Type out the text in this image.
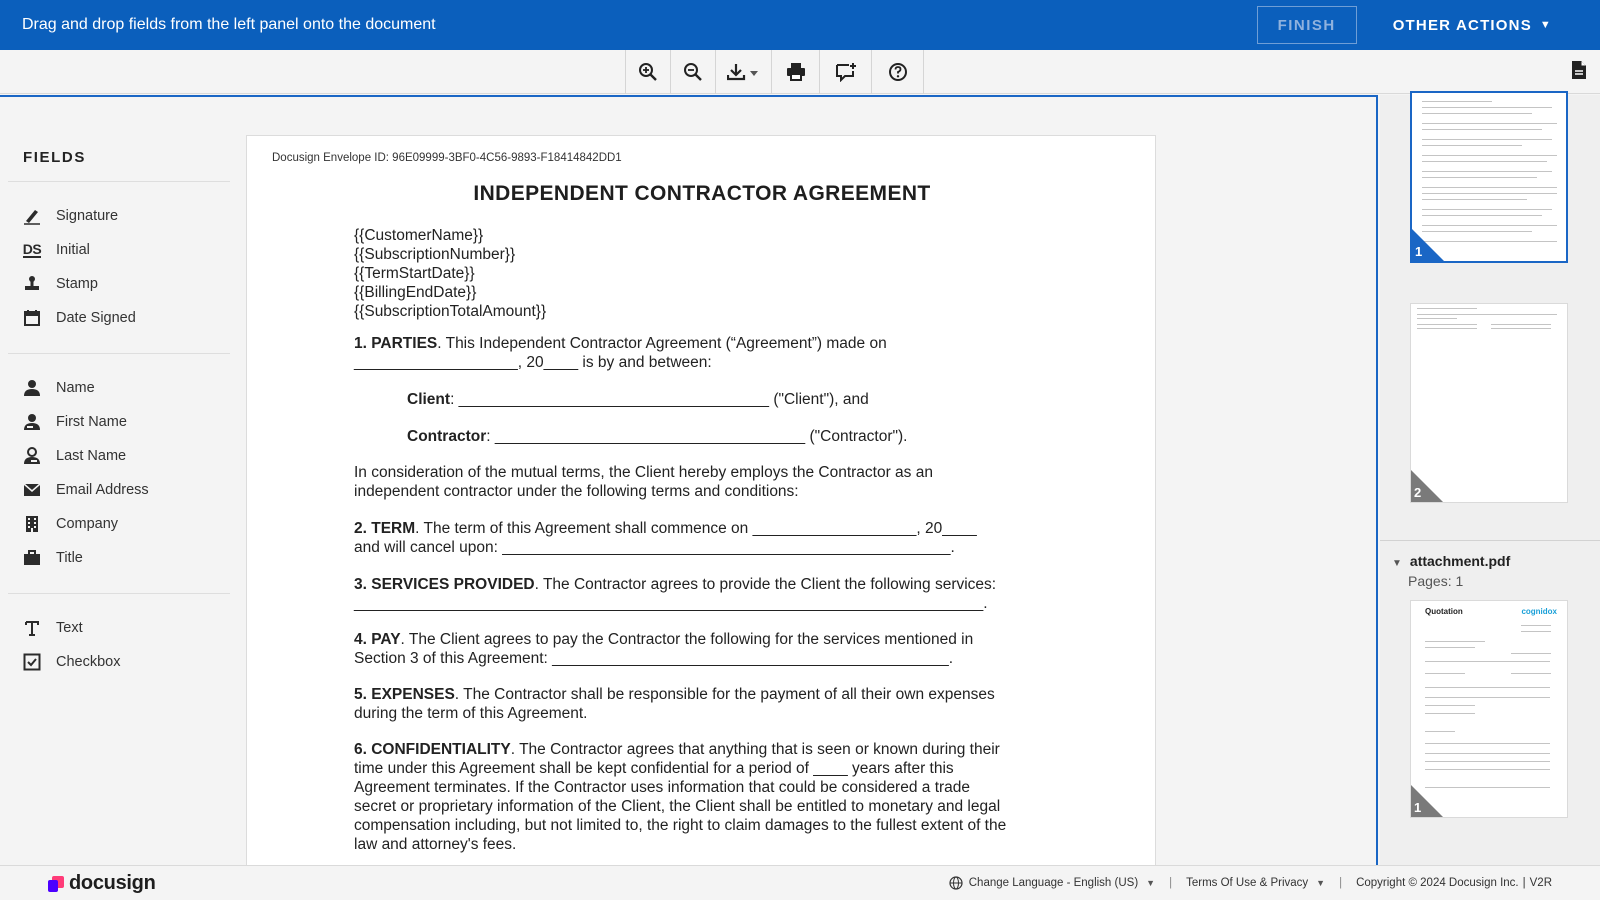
Drag and drop fields from the left panel onto the document	FINISH	OTHER ACTIONS ▼
FIELDS
Signature
DS Initial
Stamp
Date Signed
Name
First Name
Last Name
Email Address
Company
Title
Text
Checkbox
Docusign Envelope ID: 96E09999-3BF0-4C56-9893-F18414842DD1
INDEPENDENT CONTRACTOR AGREEMENT
{{CustomerName}}
{{SubscriptionNumber}}
{{TermStartDate}}
{{BillingEndDate}}
{{SubscriptionTotalAmount}}
1. PARTIES. This Independent Contractor Agreement (“Agreement”) made on
___________________, 20____ is by and between:
Client: ____________________________________ ("Client"), and
Contractor: ____________________________________ ("Contractor").
In consideration of the mutual terms, the Client hereby employs the Contractor as an
independent contractor under the following terms and conditions:
2. TERM. The term of this Agreement shall commence on ___________________, 20____
and will cancel upon: ____________________________________________________.
3. SERVICES PROVIDED. The Contractor agrees to provide the Client the following services:
_________________________________________________________________________.
4. PAY. The Client agrees to pay the Contractor the following for the services mentioned in
Section 3 of this Agreement: ______________________________________________.
5. EXPENSES. The Contractor shall be responsible for the payment of all their own expenses
during the term of this Agreement.
6. CONFIDENTIALITY. The Contractor agrees that anything that is seen or known during their
time under this Agreement shall be kept confidential for a period of ____ years after this
Agreement terminates. If the Contractor uses information that could be considered a trade
secret or proprietary information of the Client, the Client shall be entitled to monetary and legal
compensation including, but not limited to, the right to claim damages to the fullest extent of the
law and attorney's fees.
1
2
▼ attachment.pdf
Pages: 1
Quotation	cognidox
1
docusign	Change Language - English (US) ▼ | Terms Of Use & Privacy ▼ | Copyright © 2024 Docusign Inc. | V2R
